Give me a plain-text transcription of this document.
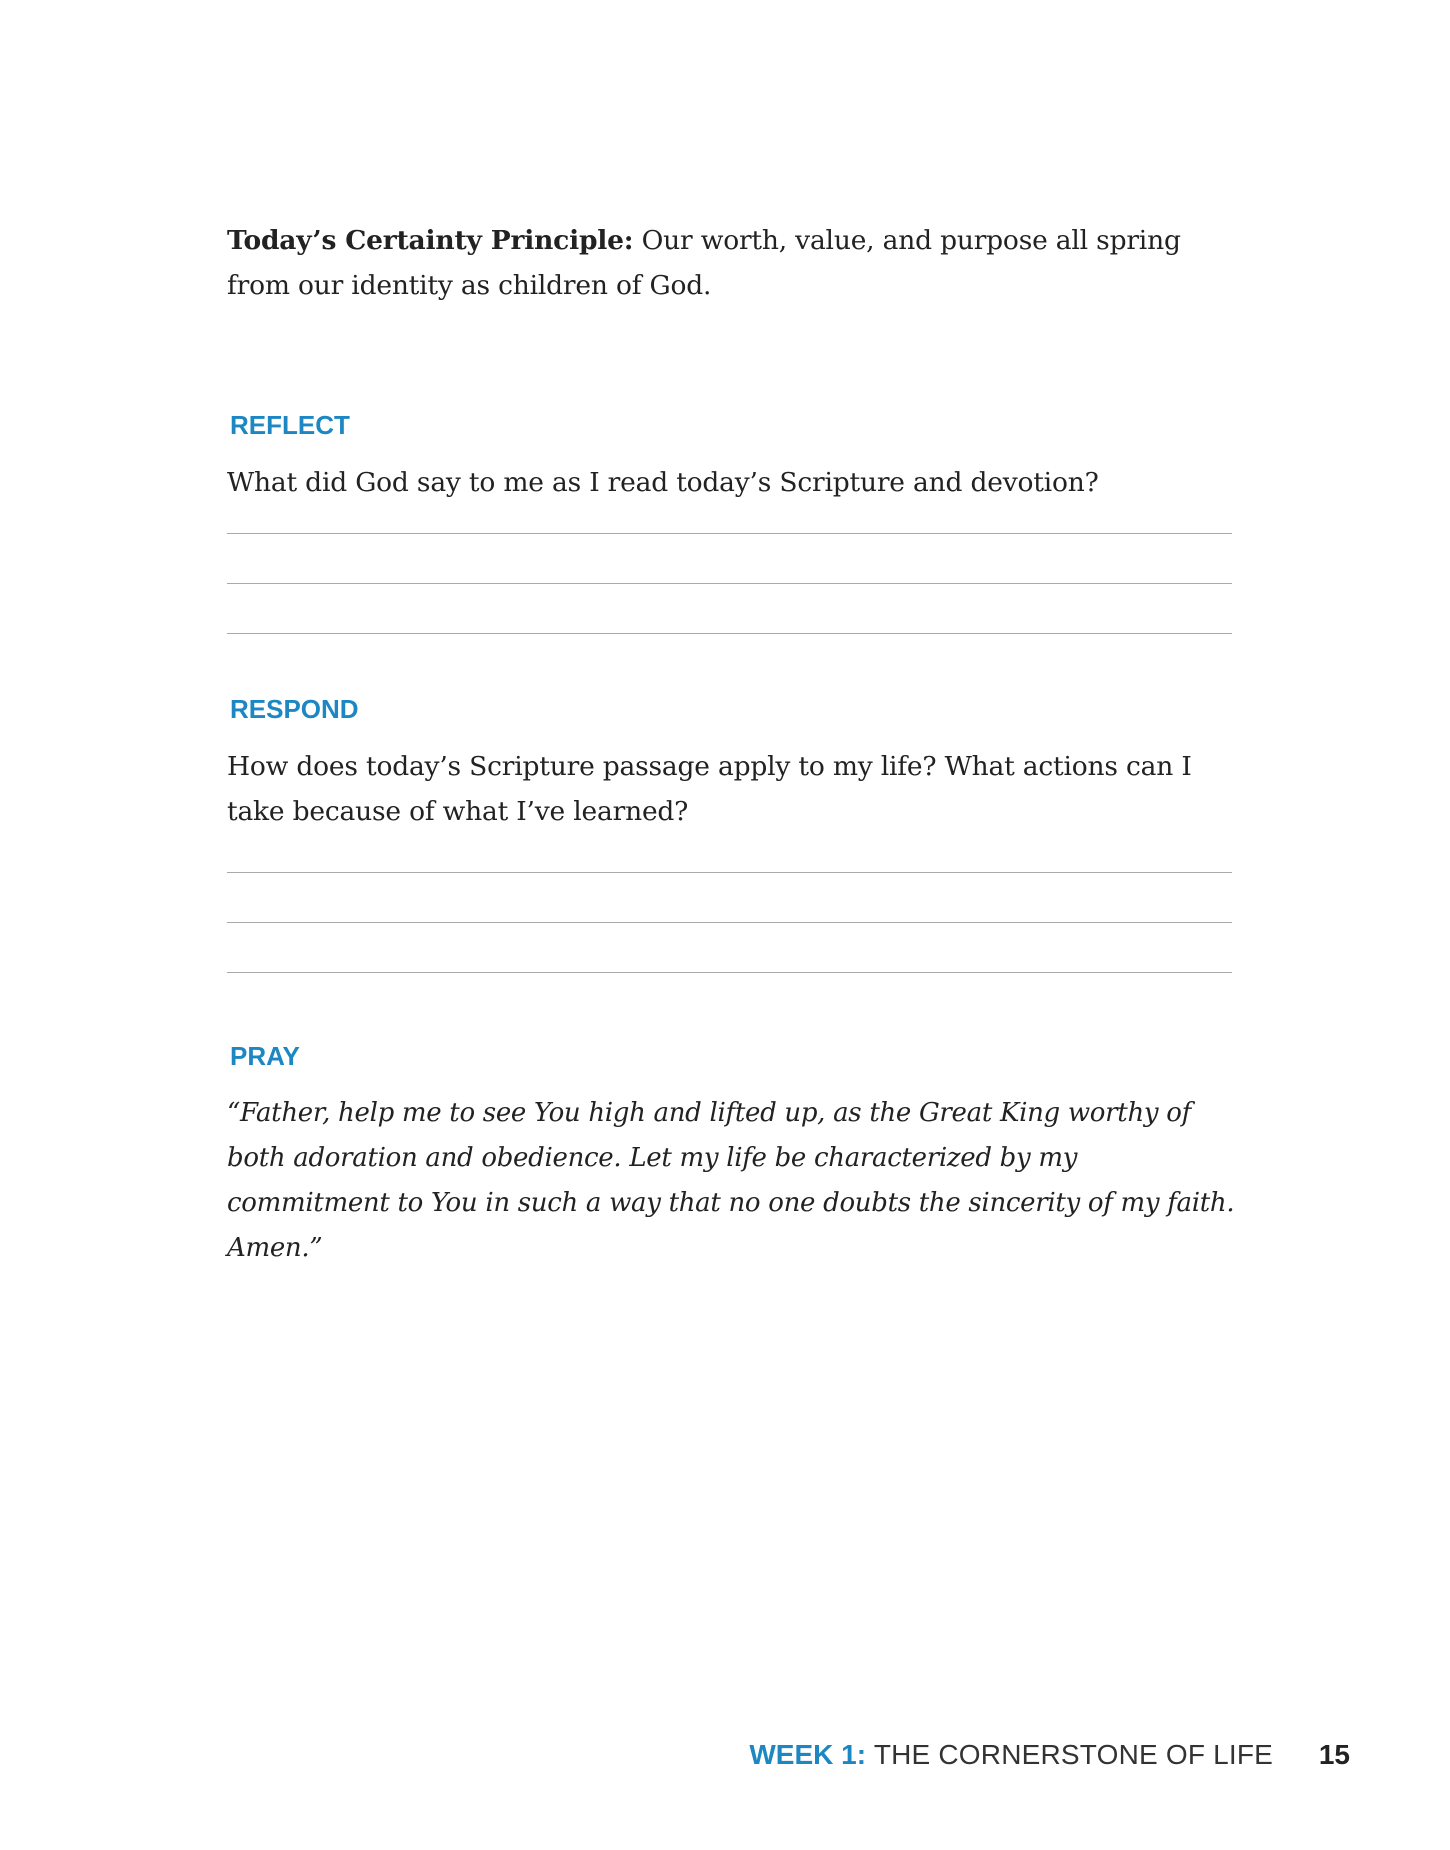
Today’s Certainty Principle: Our worth, value, and purpose all spring from our identity as children of God.

REFLECT

What did God say to me as I read today’s Scripture and devotion?

RESPOND

How does today’s Scripture passage apply to my life? What actions can I take because of what I’ve learned?

PRAY

“Father, help me to see You high and lifted up, as the Great King worthy of both adoration and obedience. Let my life be characterized by my commitment to You in such a way that no one doubts the sincerity of my faith. Amen.”

WEEK 1: THE CORNERSTONE OF LIFE 15
